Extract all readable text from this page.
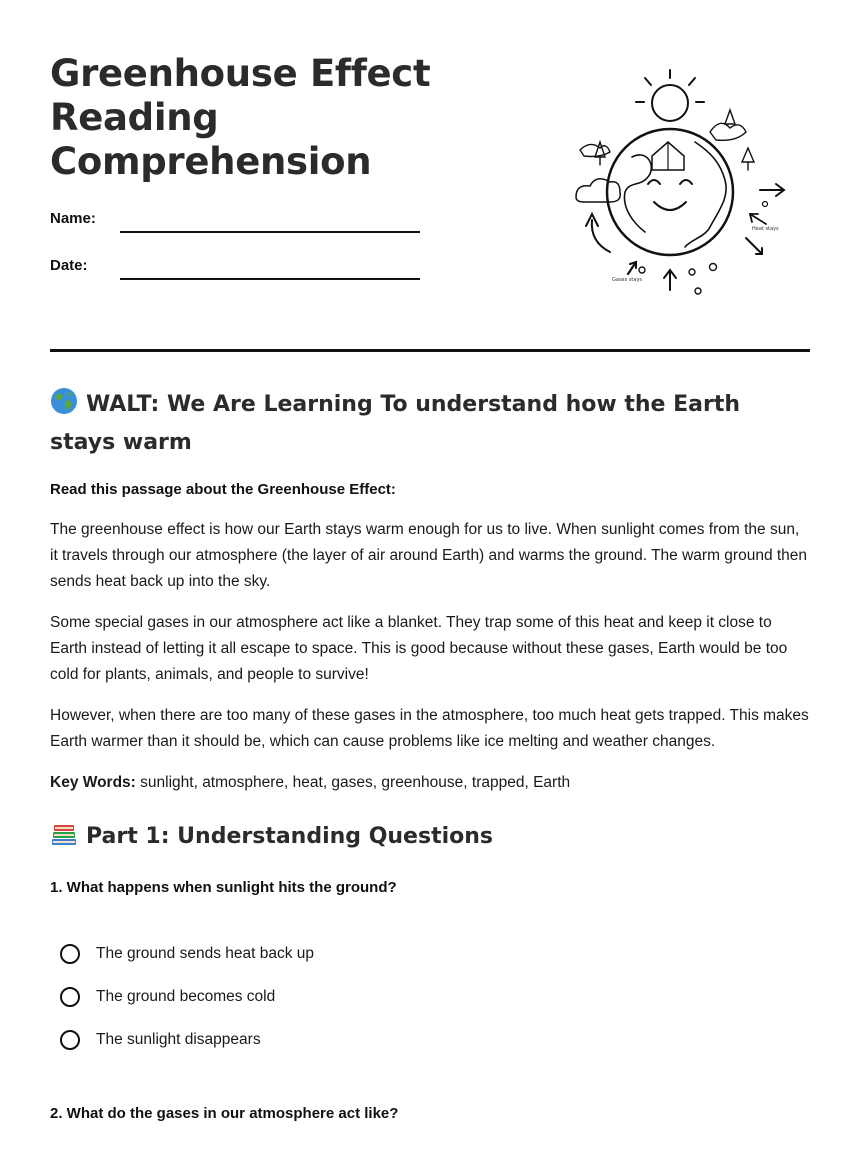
Greenhouse Effect
Reading
Comprehension
Name:
Date:
Gases stays
Heat stays
WALT: We Are Learning To understand how the Earth stays warm
Read this passage about the Greenhouse Effect:

The greenhouse effect is how our Earth stays warm enough for us to live. When sunlight comes from the sun, it travels through our atmosphere (the layer of air around Earth) and warms the ground. The warm ground then sends heat back up into the sky.

Some special gases in our atmosphere act like a blanket. They trap some of this heat and keep it close to Earth instead of letting it all escape to space. This is good because without these gases, Earth would be too cold for plants, animals, and people to survive!

However, when there are too many of these gases in the atmosphere, too much heat gets trapped. This makes Earth warmer than it should be, which can cause problems like ice melting and weather changes.

Key Words: sunlight, atmosphere, heat, gases, greenhouse, trapped, Earth

Part 1: Understanding Questions
1. What happens when sunlight hits the ground?
The ground sends heat back up
The ground becomes cold
The sunlight disappears
2. What do the gases in our atmosphere act like?
